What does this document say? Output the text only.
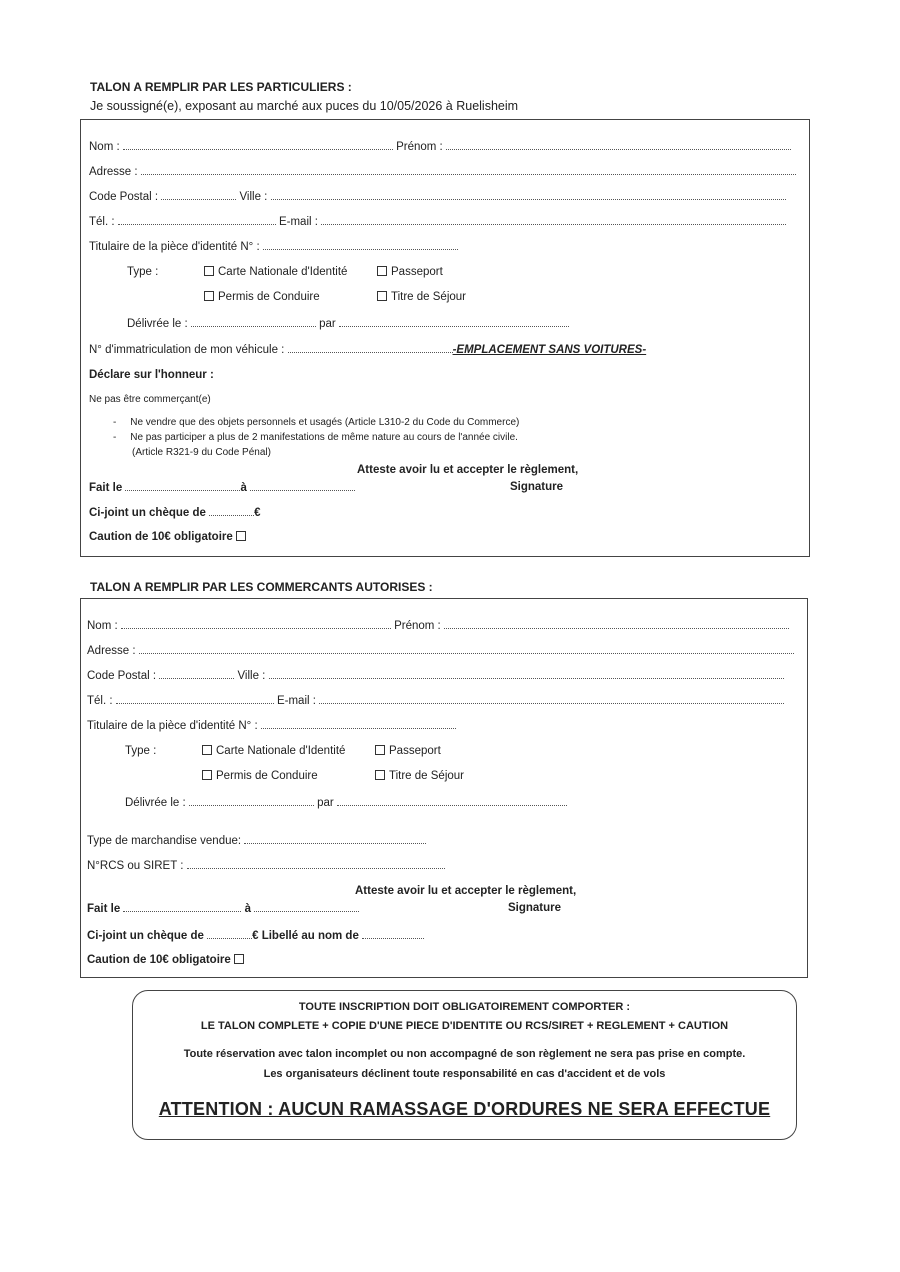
TALON A REMPLIR PAR LES PARTICULIERS :
Je soussigné(e), exposant au marché aux puces du 10/05/2026 à Ruelisheim
Nom :	Prénom :
Adresse :
Code Postal :	Ville :
Tél. :	E-mail :
Titulaire de la pièce d'identité N° :
Type :	Carte Nationale d'Identité	Passeport
Permis de Conduire	Titre de Séjour
Délivrée le :	par
N° d'immatriculation de mon véhicule :	-EMPLACEMENT SANS VOITURES-
Déclare sur l'honneur :
Ne pas être commerçant(e)
-     Ne vendre que des objets personnels et usagés (Article L310-2 du Code du Commerce)
-     Ne pas participer a plus de 2 manifestations de même nature au cours de l'année civile.
(Article R321-9 du Code Pénal)
Atteste avoir lu et accepter le règlement,
Fait le	à	Signature
Ci-joint un chèque de	€
Caution de 10€ obligatoire
TALON A REMPLIR PAR LES COMMERCANTS AUTORISES :
Nom :	Prénom :
Adresse :
Code Postal :	Ville :
Tél. :	E-mail :
Titulaire de la pièce d'identité N° :
Type :	Carte Nationale d'Identité	Passeport
Permis de Conduire	Titre de Séjour
Délivrée le :	par
Type de marchandise vendue:
N°RCS ou SIRET :
Atteste avoir lu et accepter le règlement,
Fait le	à	Signature
Ci-joint un chèque de	€ Libellé au nom de
Caution de 10€ obligatoire
TOUTE INSCRIPTION DOIT OBLIGATOIREMENT COMPORTER :
LE TALON COMPLETE + COPIE D'UNE PIECE D'IDENTITE OU RCS/SIRET + REGLEMENT + CAUTION
Toute réservation avec talon incomplet ou non accompagné de son règlement ne sera pas prise en compte.
Les organisateurs déclinent toute responsabilité en cas d'accident et de vols
ATTENTION : AUCUN RAMASSAGE D'ORDURES NE SERA EFFECTUE
